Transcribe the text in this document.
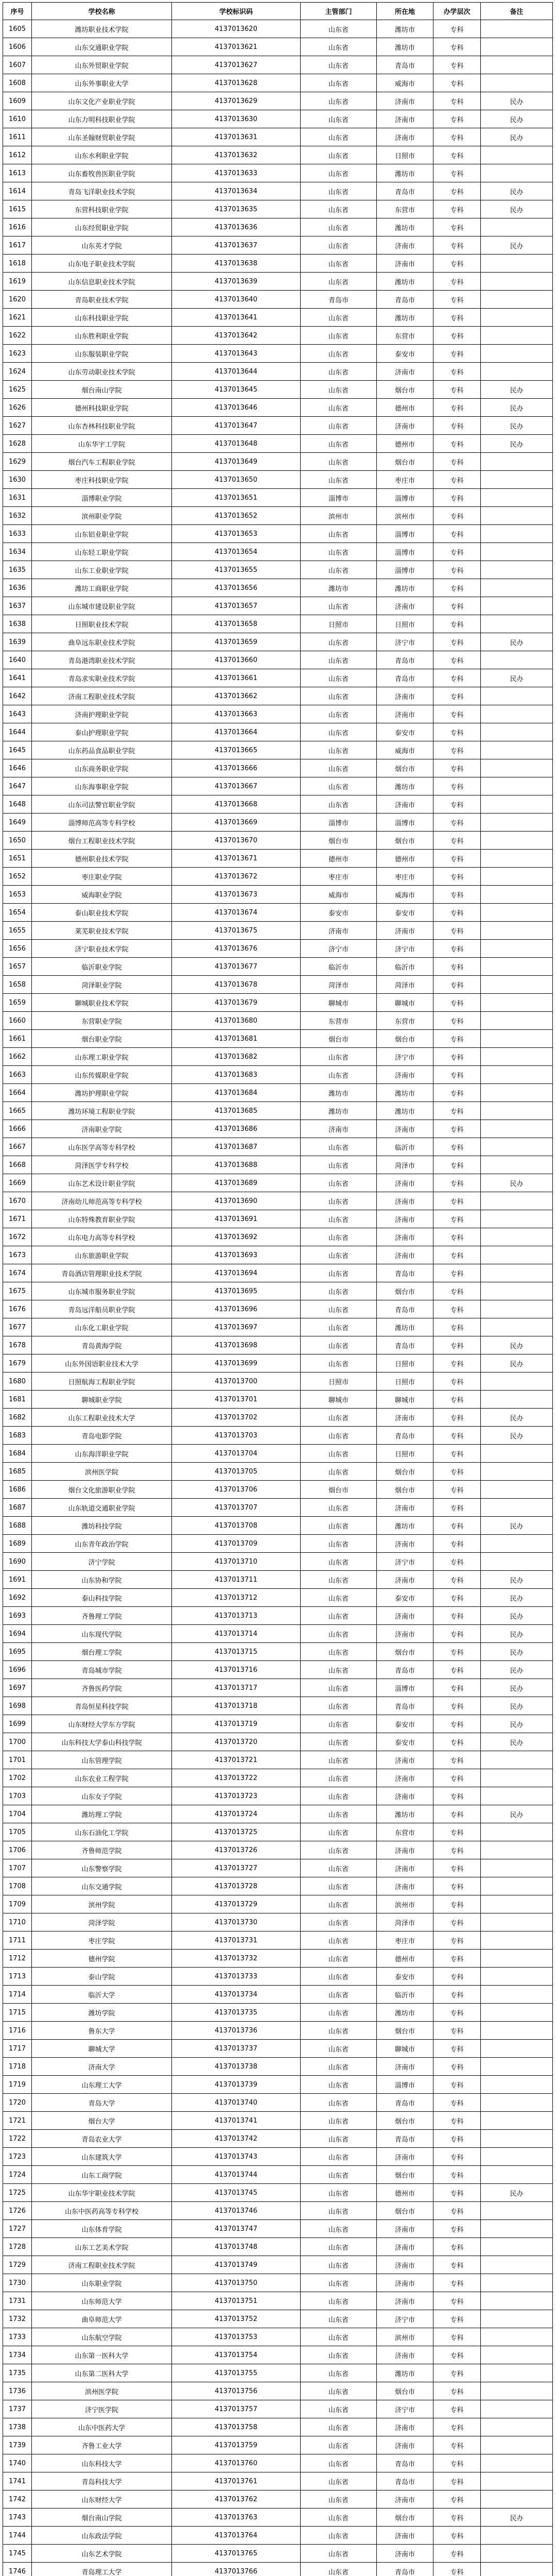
序号	学校名称	学校标识码	主管部门	所在地	办学层次	备注
1605	潍坊职业技术学院	4137013620	山东省	潍坊市	专科	
1606	山东交通职业学院	4137013621	山东省	潍坊市	专科	
1607	山东外贸职业学院	4137013627	山东省	青岛市	专科	
1608	山东外事职业大学	4137013628	山东省	威海市	专科	
1609	山东文化产业职业学院	4137013629	山东省	济南市	专科	民办
1610	山东力明科技职业学院	4137013630	山东省	济南市	专科	民办
1611	山东圣翰财贸职业学院	4137013631	山东省	济南市	专科	民办
1612	山东水利职业学院	4137013632	山东省	日照市	专科	
1613	山东畜牧兽医职业学院	4137013633	山东省	潍坊市	专科	
1614	青岛飞洋职业技术学院	4137013634	山东省	青岛市	专科	民办
1615	东营科技职业学院	4137013635	山东省	东营市	专科	民办
1616	山东经贸职业学院	4137013636	山东省	潍坊市	专科	
1617	山东英才学院	4137013637	山东省	济南市	专科	民办
1618	山东电子职业技术学院	4137013638	山东省	济南市	专科	
1619	山东信息职业技术学院	4137013639	山东省	潍坊市	专科	
1620	青岛职业技术学院	4137013640	青岛市	青岛市	专科	
1621	山东科技职业学院	4137013641	山东省	潍坊市	专科	
1622	山东胜利职业学院	4137013642	山东省	东营市	专科	
1623	山东服装职业学院	4137013643	山东省	泰安市	专科	
1624	山东劳动职业技术学院	4137013644	山东省	济南市	专科	
1625	烟台南山学院	4137013645	山东省	烟台市	专科	民办
1626	德州科技职业学院	4137013646	山东省	德州市	专科	民办
1627	山东杏林科技职业学院	4137013647	山东省	济南市	专科	民办
1628	山东华宇工学院	4137013648	山东省	德州市	专科	民办
1629	烟台汽车工程职业学院	4137013649	山东省	烟台市	专科	
1630	枣庄科技职业学院	4137013650	山东省	枣庄市	专科	
1631	淄博职业学院	4137013651	淄博市	淄博市	专科	
1632	滨州职业学院	4137013652	滨州市	滨州市	专科	
1633	山东铝业职业学院	4137013653	山东省	淄博市	专科	
1634	山东轻工职业学院	4137013654	山东省	淄博市	专科	
1635	山东工业职业学院	4137013655	山东省	淄博市	专科	
1636	潍坊工商职业学院	4137013656	潍坊市	潍坊市	专科	
1637	山东城市建设职业学院	4137013657	山东省	济南市	专科	
1638	日照职业技术学院	4137013658	日照市	日照市	专科	
1639	曲阜远东职业技术学院	4137013659	山东省	济宁市	专科	民办
1640	青岛港湾职业技术学院	4137013660	山东省	青岛市	专科	
1641	青岛求实职业技术学院	4137013661	山东省	青岛市	专科	民办
1642	济南工程职业技术学院	4137013662	山东省	济南市	专科	
1643	济南护理职业学院	4137013663	山东省	济南市	专科	
1644	泰山护理职业学院	4137013664	山东省	泰安市	专科	
1645	山东药品食品职业学院	4137013665	山东省	威海市	专科	
1646	山东商务职业学院	4137013666	山东省	烟台市	专科	
1647	山东海事职业学院	4137013667	山东省	潍坊市	专科	
1648	山东司法警官职业学院	4137013668	山东省	济南市	专科	
1649	淄博师范高等专科学校	4137013669	淄博市	淄博市	专科	
1650	烟台工程职业技术学院	4137013670	烟台市	烟台市	专科	
1651	德州职业技术学院	4137013671	德州市	德州市	专科	
1652	枣庄职业学院	4137013672	枣庄市	枣庄市	专科	
1653	威海职业学院	4137013673	威海市	威海市	专科	
1654	泰山职业技术学院	4137013674	泰安市	泰安市	专科	
1655	莱芜职业技术学院	4137013675	济南市	济南市	专科	
1656	济宁职业技术学院	4137013676	济宁市	济宁市	专科	
1657	临沂职业学院	4137013677	临沂市	临沂市	专科	
1658	菏泽职业学院	4137013678	菏泽市	菏泽市	专科	
1659	聊城职业技术学院	4137013679	聊城市	聊城市	专科	
1660	东营职业学院	4137013680	东营市	东营市	专科	
1661	烟台职业学院	4137013681	烟台市	烟台市	专科	
1662	山东理工职业学院	4137013682	山东省	济宁市	专科	
1663	山东传媒职业学院	4137013683	山东省	济南市	专科	
1664	潍坊护理职业学院	4137013684	潍坊市	潍坊市	专科	
1665	潍坊环境工程职业学院	4137013685	潍坊市	潍坊市	专科	
1666	济南职业学院	4137013686	济南市	济南市	专科	
1667	山东医学高等专科学校	4137013687	山东省	临沂市	专科	
1668	菏泽医学专科学校	4137013688	山东省	菏泽市	专科	
1669	山东艺术设计职业学院	4137013689	山东省	济南市	专科	民办
1670	济南幼儿师范高等专科学校	4137013690	山东省	济南市	专科	
1671	山东特殊教育职业学院	4137013691	山东省	济南市	专科	
1672	山东电力高等专科学校	4137013692	山东省	济南市	专科	
1673	山东旅游职业学院	4137013693	山东省	济南市	专科	
1674	青岛酒店管理职业技术学院	4137013694	山东省	青岛市	专科	
1675	山东城市服务职业学院	4137013695	山东省	烟台市	专科	
1676	青岛远洋船员职业学院	4137013696	山东省	青岛市	专科	
1677	山东化工职业学院	4137013697	山东省	潍坊市	专科	
1678	青岛黄海学院	4137013698	山东省	青岛市	专科	民办
1679	山东外国语职业技术大学	4137013699	山东省	日照市	专科	民办
1680	日照航海工程职业学院	4137013700	日照市	日照市	专科	
1681	聊城职业学院	4137013701	聊城市	聊城市	专科	
1682	山东工程职业技术大学	4137013702	山东省	济南市	专科	民办
1683	青岛电影学院	4137013703	山东省	青岛市	专科	民办
1684	山东海洋职业学院	4137013704	山东省	日照市	专科	
1685	滨州医学院	4137013705	山东省	烟台市	专科	
1686	烟台文化旅游职业学院	4137013706	烟台市	烟台市	专科	
1687	山东轨道交通职业学院	4137013707	山东省	济南市	专科	
1688	潍坊科技学院	4137013708	山东省	潍坊市	专科	民办
1689	山东青年政治学院	4137013709	山东省	济南市	专科	
1690	济宁学院	4137013710	山东省	济宁市	专科	
1691	山东协和学院	4137013711	山东省	济南市	专科	民办
1692	泰山科技学院	4137013712	山东省	泰安市	专科	民办
1693	齐鲁理工学院	4137013713	山东省	济南市	专科	民办
1694	山东现代学院	4137013714	山东省	济南市	专科	民办
1695	烟台理工学院	4137013715	山东省	烟台市	专科	民办
1696	青岛城市学院	4137013716	山东省	青岛市	专科	民办
1697	齐鲁医药学院	4137013717	山东省	淄博市	专科	民办
1698	青岛恒星科技学院	4137013718	山东省	青岛市	专科	民办
1699	山东财经大学东方学院	4137013719	山东省	泰安市	专科	民办
1700	山东科技大学泰山科技学院	4137013720	山东省	泰安市	专科	民办
1701	山东管理学院	4137013721	山东省	济南市	专科	
1702	山东农业工程学院	4137013722	山东省	济南市	专科	
1703	山东女子学院	4137013723	山东省	济南市	专科	
1704	潍坊理工学院	4137013724	山东省	潍坊市	专科	民办
1705	山东石油化工学院	4137013725	山东省	东营市	专科	
1706	齐鲁师范学院	4137013726	山东省	济南市	专科	
1707	山东警察学院	4137013727	山东省	济南市	专科	
1708	山东交通学院	4137013728	山东省	济南市	专科	
1709	滨州学院	4137013729	山东省	滨州市	专科	
1710	菏泽学院	4137013730	山东省	菏泽市	专科	
1711	枣庄学院	4137013731	山东省	枣庄市	专科	
1712	德州学院	4137013732	山东省	德州市	专科	
1713	泰山学院	4137013733	山东省	泰安市	专科	
1714	临沂大学	4137013734	山东省	临沂市	专科	
1715	潍坊学院	4137013735	山东省	潍坊市	专科	
1716	鲁东大学	4137013736	山东省	烟台市	专科	
1717	聊城大学	4137013737	山东省	聊城市	专科	
1718	济南大学	4137013738	山东省	济南市	专科	
1719	山东理工大学	4137013739	山东省	淄博市	专科	
1720	青岛大学	4137013740	山东省	青岛市	专科	
1721	烟台大学	4137013741	山东省	烟台市	专科	
1722	青岛农业大学	4137013742	山东省	青岛市	专科	
1723	山东建筑大学	4137013743	山东省	济南市	专科	
1724	山东工商学院	4137013744	山东省	烟台市	专科	
1725	山东华宇职业技术学院	4137013745	山东省	德州市	专科	民办
1726	山东中医药高等专科学校	4137013746	山东省	烟台市	专科	
1727	山东体育学院	4137013747	山东省	济南市	专科	
1728	山东工艺美术学院	4137013748	山东省	济南市	专科	
1729	济南工程职业技术学院	4137013749	山东省	济南市	专科	
1730	山东职业学院	4137013750	山东省	济南市	专科	
1731	山东师范大学	4137013751	山东省	济南市	专科	
1732	曲阜师范大学	4137013752	山东省	济宁市	专科	
1733	山东航空学院	4137013753	山东省	滨州市	专科	
1734	山东第一医科大学	4137013754	山东省	济南市	专科	
1735	山东第二医科大学	4137013755	山东省	潍坊市	专科	
1736	滨州医学院	4137013756	山东省	烟台市	专科	
1737	济宁医学院	4137013757	山东省	济宁市	专科	
1738	山东中医药大学	4137013758	山东省	济南市	专科	
1739	齐鲁工业大学	4137013759	山东省	济南市	专科	
1740	山东科技大学	4137013760	山东省	青岛市	专科	
1741	青岛科技大学	4137013761	山东省	青岛市	专科	
1742	山东财经大学	4137013762	山东省	济南市	专科	
1743	烟台南山学院	4137013763	山东省	烟台市	专科	民办
1744	山东政法学院	4137013764	山东省	济南市	专科	
1745	山东艺术学院	4137013765	山东省	济南市	专科	
1746	青岛理工大学	4137013766	山东省	青岛市	专科	
